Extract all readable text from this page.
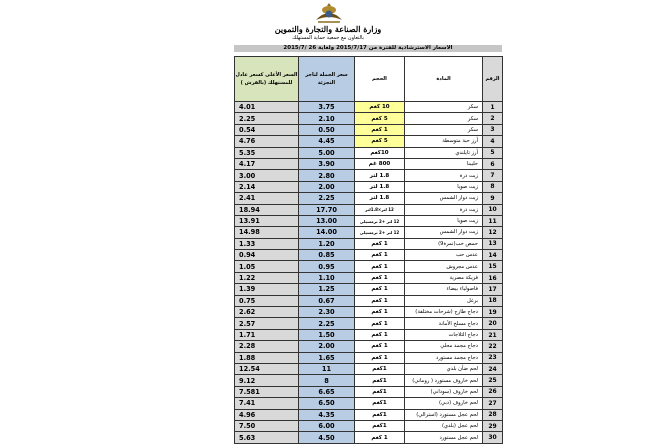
وزارة الصناعة والتجارة والتموين
بالتعاون مع جمعية حماية المستهلك
الأسعار الاسترشادية للفترة من 2015/7/17 ولغاية 26 /2015/7
الرقم	المادة	الحجم	سعر الجملة لتاجر التجزئة	السعر الأعلى كسعر عادل للمستهلك (بالقرش )
1	سكر	10 كغم	3.75	4.01
2	سكر	5 كغم	2.10	2.25
3	سكر	1 كغم	0.50	0.54
4	أرز حبة متوسطة	5 كغم	4.45	4.76
5	أرز تايلندي	10كغم	5.00	5.35
6	حليبنا	800 غم	3.90	4.17
7	زيت ذرة	1.8 لتر	2.80	3.00
8	زيت صويا	1.8 لتر	2.00	2.14
9	زيت دوار الشمس	1.8 لتر	2.25	2.41
10	زيت ذرة	12 لتر×1.8لتر	17.70	18.94
11	زيت صويا	12 لتر +2 ترمسيلي	13.00	13.91
12	زيت دوار الشمس	12 لتر +2 ترمسيلي	14.00	14.98
13	حمص حب(نمرة9)	1 كغم	1.20	1.33
14	عدس حب	1 كغم	0.85	0.94
15	عدس مجروش	1 كغم	0.95	1.05
16	فريكة مصرية	1 كغم	1.10	1.22
17	فاصولياء بيضاء	1 كغم	1.25	1.39
18	برغل	1 كغم	0.67	0.75
19	دجاج طازج (شرحات مختلفة)	1 كغم	2.30	2.62
20	دجاج مسلخ الأمانة	1 كغم	2.25	2.57
21	دجاج الثلاجات	1 كغم	1.50	1.71
22	دجاج مجمد محلي	1 كغم	2.00	2.28
23	دجاج مجمد مستورد	1 كغم	1.65	1.88
24	لحم ضأن بلدي	1كغم	11	12.54
25	لحم خاروف مستورد ( روماني)	1كغم	8	9.12
26	لحم خاروف (سوداني)	1كغم	6.65	7.581
27	لحم خاروف (دبي)	1كغم	6.50	7.41
28	لحم عجل مستورد (استرالي)	1كغم	4.35	4.96
29	لحم عجل (بلدي)	1كغم	6.00	7.50
30	لحم عجل مستورد	1 كغم	4.50	5.63
